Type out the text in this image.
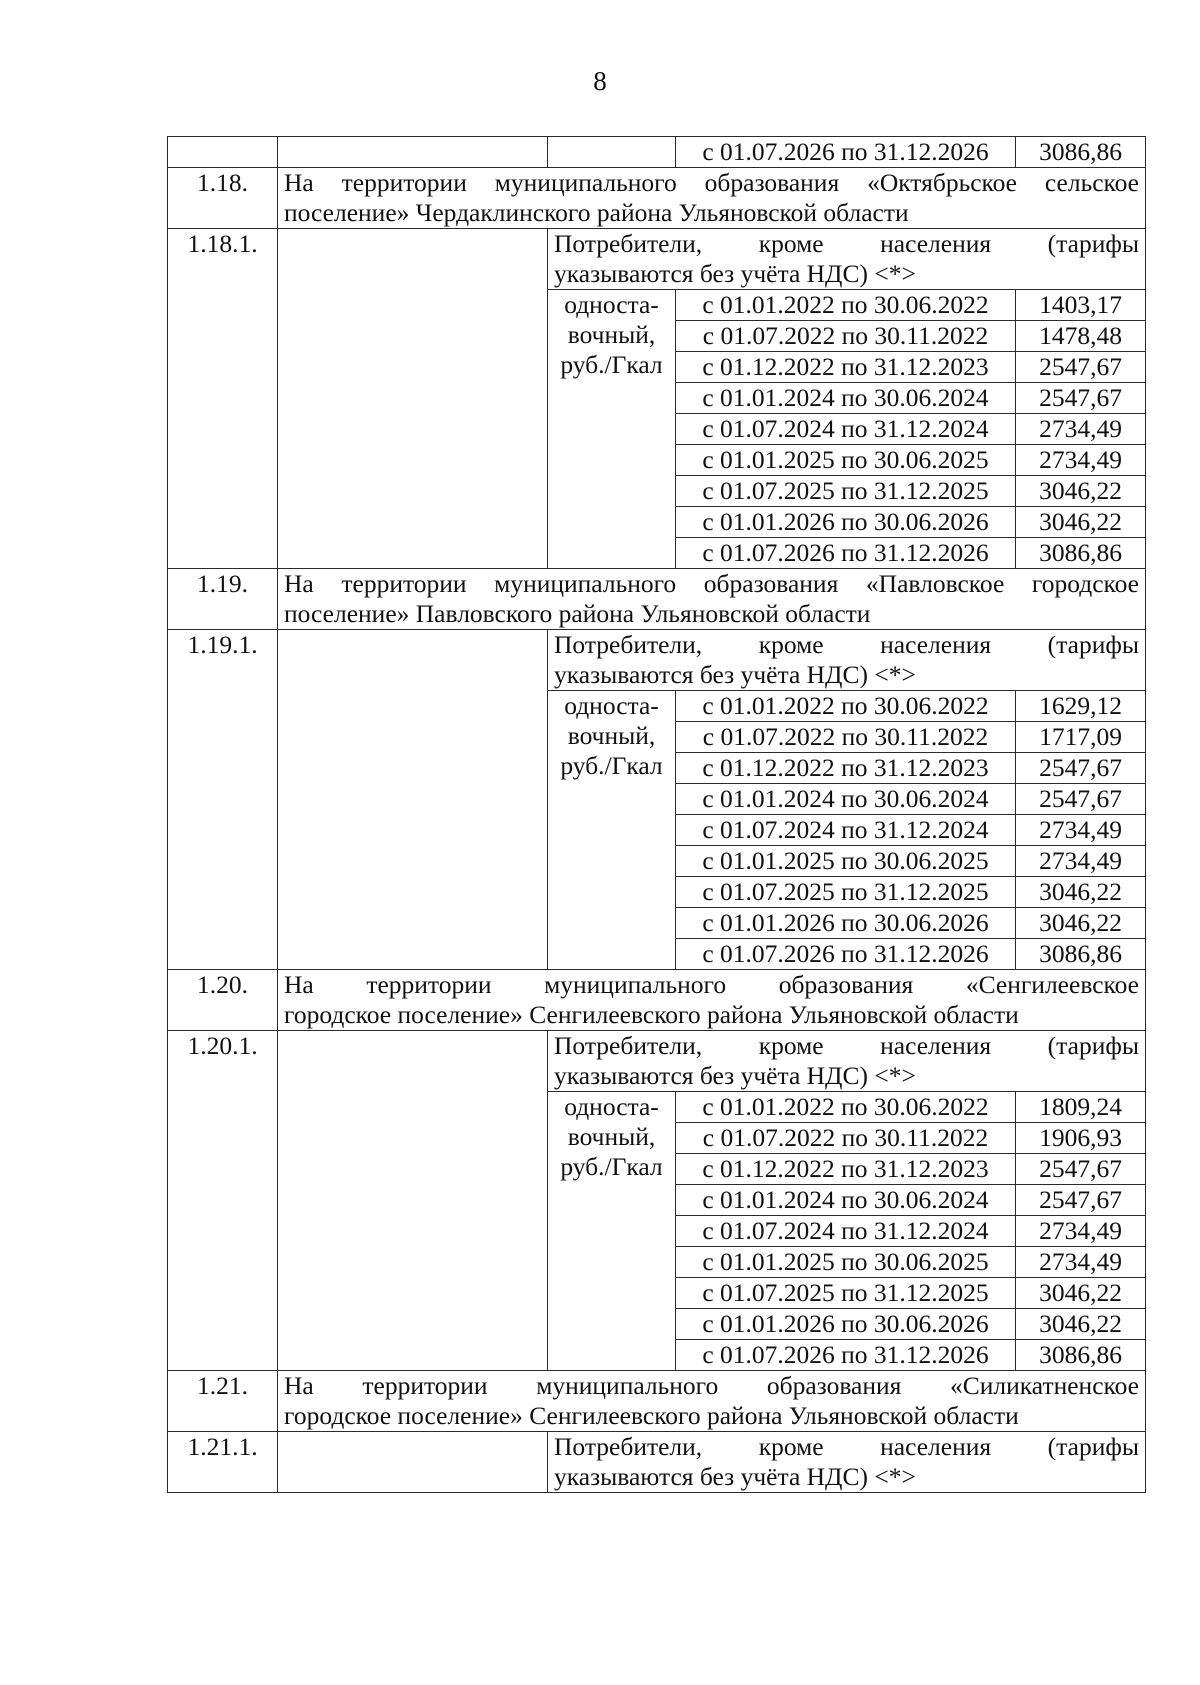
8
			с 01.07.2026 по 31.12.2026	3086,86
1.18.	На территории муниципального образования «Октябрьское сельское
поселение» Чердаклинского района Ульяновской области			

1.18.1.		Потребители, кроме населения (тарифы
указываются без учёта НДС) <*>		

		односта-
вочный,
руб./Гкал	с 01.01.2022 по 30.06.2022	1403,17
			с 01.07.2022 по 30.11.2022	1478,48
			с 01.12.2022 по 31.12.2023	2547,67
			с 01.01.2024 по 30.06.2024	2547,67
			с 01.07.2024 по 31.12.2024	2734,49
			с 01.01.2025 по 30.06.2025	2734,49
			с 01.07.2025 по 31.12.2025	3046,22
			с 01.01.2026 по 30.06.2026	3046,22
			с 01.07.2026 по 31.12.2026	3086,86
1.19.	На территории муниципального образования «Павловское городское
поселение» Павловского района Ульяновской области			

1.19.1.		Потребители, кроме населения (тарифы
указываются без учёта НДС) <*>		

		односта-
вочный,
руб./Гкал	с 01.01.2022 по 30.06.2022	1629,12
			с 01.07.2022 по 30.11.2022	1717,09
			с 01.12.2022 по 31.12.2023	2547,67
			с 01.01.2024 по 30.06.2024	2547,67
			с 01.07.2024 по 31.12.2024	2734,49
			с 01.01.2025 по 30.06.2025	2734,49
			с 01.07.2025 по 31.12.2025	3046,22
			с 01.01.2026 по 30.06.2026	3046,22
			с 01.07.2026 по 31.12.2026	3086,86
1.20.	На территории муниципального образования «Сенгилеевское
городское поселение» Сенгилеевского района Ульяновской области			

1.20.1.		Потребители, кроме населения (тарифы
указываются без учёта НДС) <*>		

		односта-
вочный,
руб./Гкал	с 01.01.2022 по 30.06.2022	1809,24
			с 01.07.2022 по 30.11.2022	1906,93
			с 01.12.2022 по 31.12.2023	2547,67
			с 01.01.2024 по 30.06.2024	2547,67
			с 01.07.2024 по 31.12.2024	2734,49
			с 01.01.2025 по 30.06.2025	2734,49
			с 01.07.2025 по 31.12.2025	3046,22
			с 01.01.2026 по 30.06.2026	3046,22
			с 01.07.2026 по 31.12.2026	3086,86
1.21.	На территории муниципального образования «Силикатненское
городское поселение» Сенгилеевского района Ульяновской области			

1.21.1.		Потребители, кроме населения (тарифы
указываются без учёта НДС) <*>		
